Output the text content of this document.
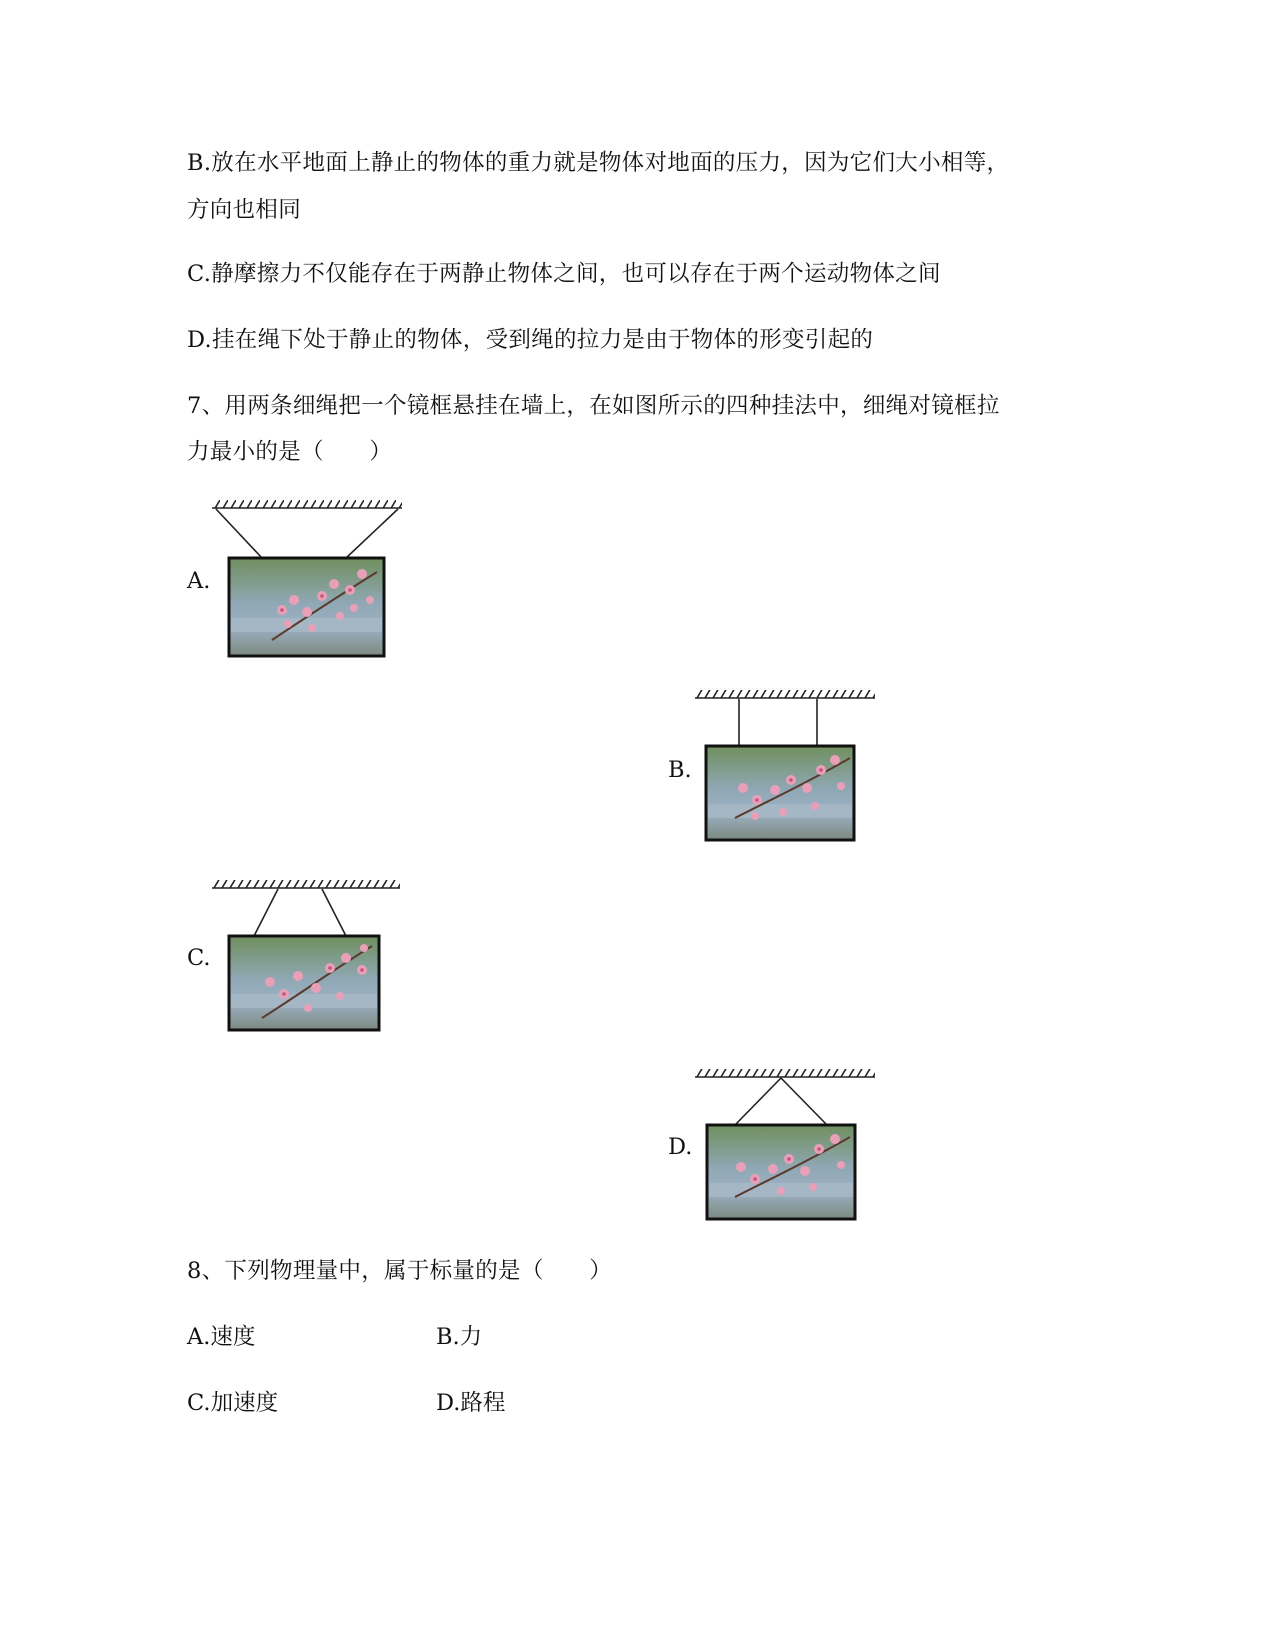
B.放在水平地面上静止的物体的重力就是物体对地面的压力，因为它们大小相等，
方向也相同
C.静摩擦力不仅能存在于两静止物体之间，也可以存在于两个运动物体之间
D.挂在绳下处于静止的物体，受到绳的拉力是由于物体的形变引起的
7、用两条细绳把一个镜框悬挂在墙上，在如图所示的四种挂法中，细绳对镜框拉
力最小的是（　　）
A.
B.
C.
D.
8、下列物理量中，属于标量的是（　　）
A.速度	B.力
C.加速度	D.路程
